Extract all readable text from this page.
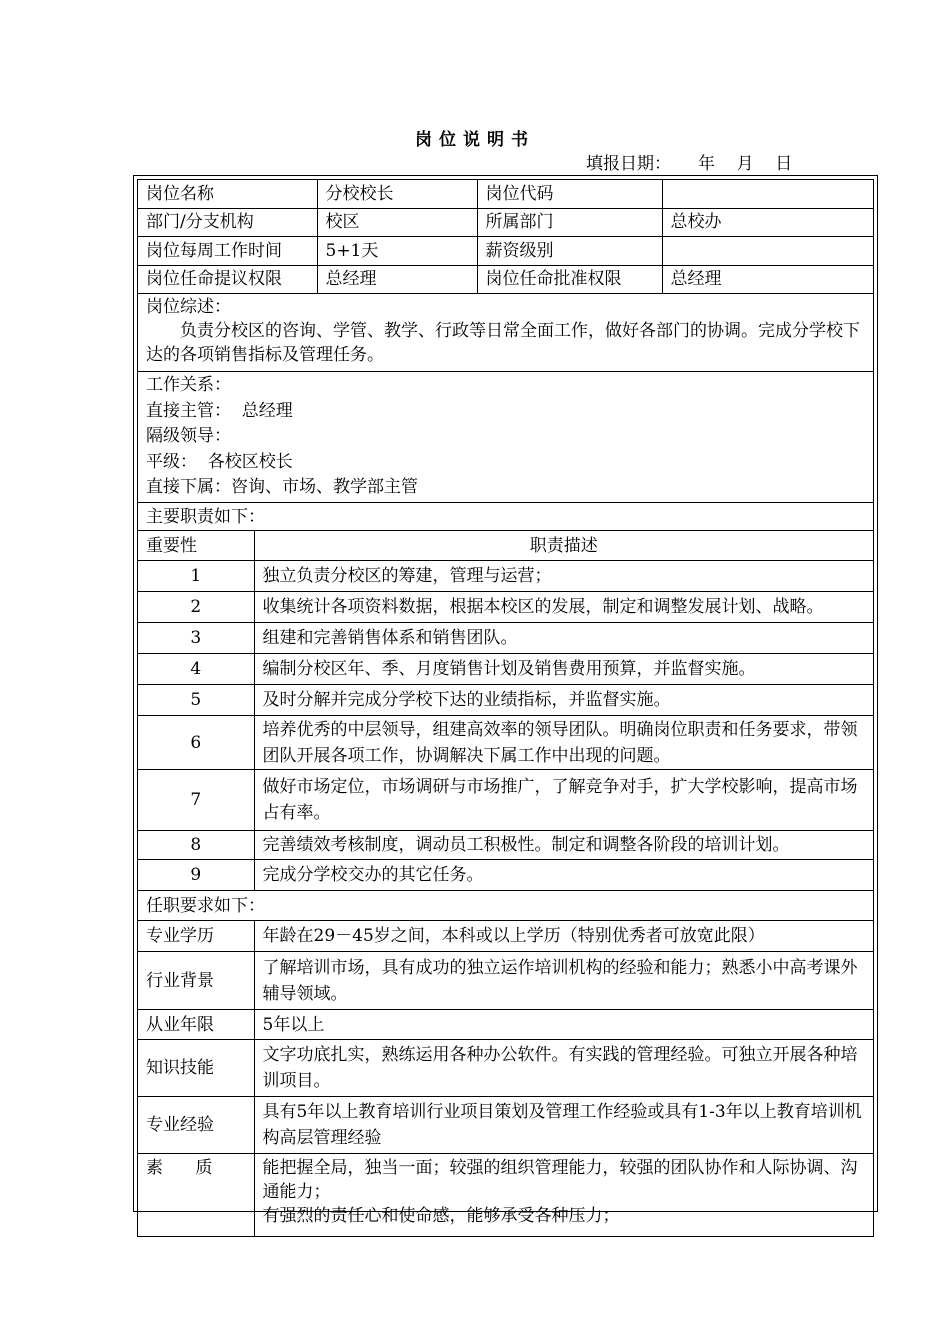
岗位说明书
填报日期：     年    月    日
岗位名称	分校校长	岗位代码	
部门/分支机构	校区	所属部门	总校办
岗位每周工作时间	5+1天	薪资级别	
岗位任命提议权限	总经理	岗位任命批准权限	总经理
岗位综述：
负责分校区的咨询、学管、教学、行政等日常全面工作，做好各部门的协调。完成分学校下达的各项销售指标及管理任务。
工作关系：
直接主管：  总经理
隔级领导：
平级：  各校区校长
直接下属：咨询、市场、教学部主管
主要职责如下：	
重要性	职责描述
1	独立负责分校区的筹建，管理与运营；
2	收集统计各项资料数据，根据本校区的发展，制定和调整发展计划、战略。
3	组建和完善销售体系和销售团队。
4	编制分校区年、季、月度销售计划及销售费用预算，并监督实施。
5	及时分解并完成分学校下达的业绩指标，并监督实施。
6	培养优秀的中层领导，组建高效率的领导团队。明确岗位职责和任务要求，带领团队开展各项工作，协调解决下属工作中出现的问题。
7	做好市场定位，市场调研与市场推广，了解竞争对手，扩大学校影响，提高市场占有率。
8	完善绩效考核制度，调动员工积极性。制定和调整各阶段的培训计划。
9	完成分学校交办的其它任务。
任职要求如下：	
专业学历	年龄在29－45岁之间，本科或以上学历（特别优秀者可放宽此限）
行业背景	了解培训市场，具有成功的独立运作培训机构的经验和能力；熟悉小中高考课外辅导领域。
从业年限	5年以上
知识技能	文字功底扎实，熟练运用各种办公软件。有实践的管理经验。可独立开展各种培训项目。
专业经验	具有5年以上教育培训行业项目策划及管理工作经验或具有1-3年以上教育培训机构高层管理经验
素      质	能把握全局，独当一面；较强的组织管理能力，较强的团队协作和人际协调、沟通能力；
有强烈的责任心和使命感，能够承受各种压力；
